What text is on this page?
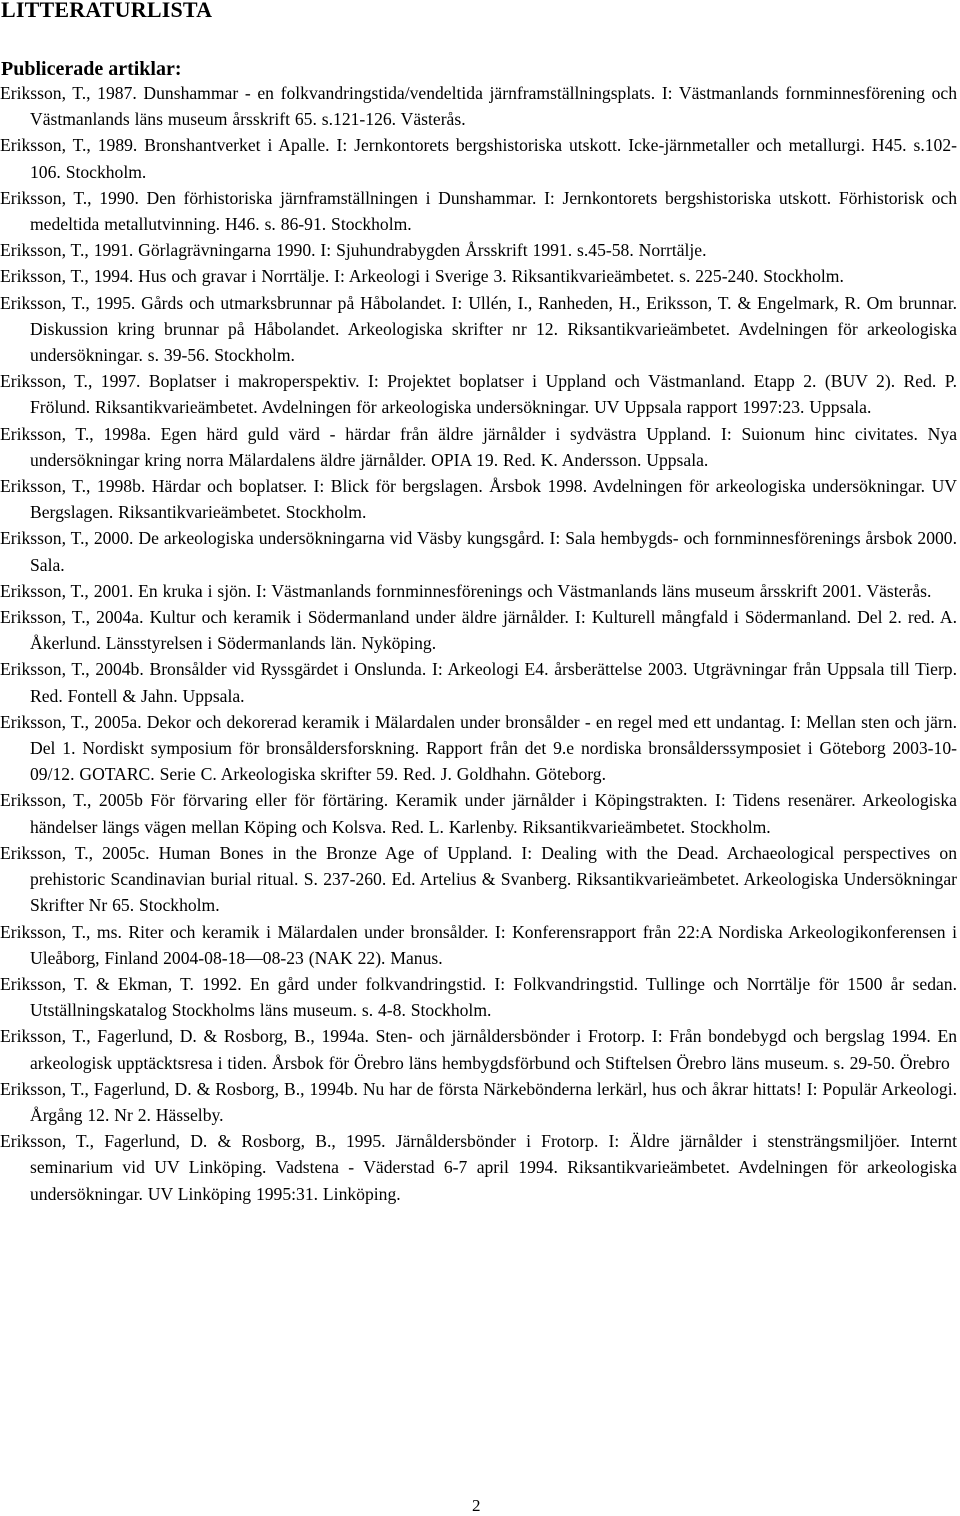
LITTERATURLISTA
Publicerade artiklar:
Eriksson, T., 1987. Dunshammar - en folkvandringstida/vendeltida järnframställningsplats. I: Västmanlands fornminnesförening och Västmanlands läns museum årsskrift 65. s.121-126. Västerås.
Eriksson, T., 1989. Bronshantverket i Apalle. I: Jernkontorets bergshistoriska utskott. Icke-järnmetaller och metallurgi. H45. s.102-106. Stockholm.
Eriksson, T., 1990. Den förhistoriska järnframställningen i Dunshammar. I: Jernkontorets bergshistoriska utskott. Förhistorisk och medeltida metallutvinning. H46. s. 86-91. Stockholm.
Eriksson, T., 1991. Görlagrävningarna 1990. I: Sjuhundrabygden Årsskrift 1991. s.45-58. Norrtälje.
Eriksson, T., 1994. Hus och gravar i Norrtälje. I: Arkeologi i Sverige 3. Riksantikvarieämbetet. s. 225-240. Stockholm.
Eriksson, T., 1995. Gårds och utmarksbrunnar på Håbolandet. I: Ullén, I., Ranheden, H., Eriksson, T. & Engelmark, R. Om brunnar. Diskussion kring brunnar på Håbolandet. Arkeologiska skrifter nr 12. Riksantikvarieämbetet. Avdelningen för arkeologiska undersökningar. s. 39-56. Stockholm.
Eriksson, T., 1997. Boplatser i makroperspektiv. I: Projektet boplatser i Uppland och Västmanland. Etapp 2. (BUV 2). Red. P. Frölund. Riksantikvarieämbetet. Avdelningen för arkeologiska undersökningar. UV Uppsala rapport 1997:23. Uppsala.
Eriksson, T., 1998a. Egen härd guld värd - härdar från äldre järnålder i sydvästra Uppland. I: Suionum hinc civitates. Nya undersökningar kring norra Mälardalens äldre järnålder. OPIA 19. Red. K. Andersson. Uppsala.
Eriksson, T., 1998b. Härdar och boplatser. I: Blick för bergslagen. Årsbok 1998. Avdelningen för arkeologiska undersökningar. UV Bergslagen. Riksantikvarieämbetet. Stockholm.
Eriksson, T., 2000. De arkeologiska undersökningarna vid Väsby kungsgård. I: Sala hembygds- och fornminnesförenings årsbok 2000. Sala.
Eriksson, T., 2001. En kruka i sjön. I: Västmanlands fornminnesförenings och Västmanlands läns museum årsskrift 2001. Västerås.
Eriksson, T., 2004a. Kultur och keramik i Södermanland under äldre järnålder. I: Kulturell mångfald i Södermanland. Del 2. red. A. Åkerlund. Länsstyrelsen i Södermanlands län. Nyköping.
Eriksson, T., 2004b. Bronsålder vid Ryssgärdet i Onslunda. I: Arkeologi E4. årsberättelse 2003. Utgrävningar från Uppsala till Tierp. Red. Fontell & Jahn. Uppsala.
Eriksson, T., 2005a. Dekor och dekorerad keramik i Mälardalen under bronsålder - en regel med ett undantag. I: Mellan sten och järn. Del 1. Nordiskt symposium för bronsåldersforskning. Rapport från det 9.e nordiska bronsålderssymposiet i Göteborg 2003-10-09/12. GOTARC. Serie C. Arkeologiska skrifter 59. Red. J. Goldhahn. Göteborg.
Eriksson, T., 2005b För förvaring eller för förtäring. Keramik under järnålder i Köpingstrakten. I: Tidens resenärer. Arkeologiska händelser längs vägen mellan Köping och Kolsva. Red. L. Karlenby. Riksantikvarieämbetet. Stockholm.
Eriksson, T., 2005c. Human Bones in the Bronze Age of Uppland. I: Dealing with the Dead. Archaeological perspectives on prehistoric Scandinavian burial ritual. S. 237-260. Ed. Artelius & Svanberg. Riksantikvarieämbetet. Arkeologiska Undersökningar Skrifter Nr 65. Stockholm.
Eriksson, T., ms. Riter och keramik i Mälardalen under bronsålder. I: Konferensrapport från 22:A Nordiska Arkeologikonferensen i Uleåborg, Finland 2004-08-18—08-23 (NAK 22). Manus.
Eriksson, T. & Ekman, T. 1992. En gård under folkvandringstid. I: Folkvandringstid. Tullinge och Norrtälje för 1500 år sedan. Utställningskatalog Stockholms läns museum. s. 4-8. Stockholm.
Eriksson, T., Fagerlund, D. & Rosborg, B., 1994a. Sten- och järnåldersbönder i Frotorp. I: Från bondebygd och bergslag 1994. En arkeologisk upptäcktsresa i tiden. Årsbok för Örebro läns hembygdsförbund och Stiftelsen Örebro läns museum. s. 29-50. Örebro
Eriksson, T., Fagerlund, D. & Rosborg, B., 1994b. Nu har de första Närkebönderna lerkärl, hus och åkrar hittats! I: Populär Arkeologi. Årgång 12. Nr 2. Hässelby.
Eriksson, T., Fagerlund, D. & Rosborg, B., 1995. Järnåldersbönder i Frotorp. I: Äldre järnålder i stensträngsmiljöer. Internt seminarium vid UV Linköping. Vadstena - Väderstad 6-7 april 1994. Riksantikvarieämbetet. Avdelningen för arkeologiska undersökningar. UV Linköping 1995:31. Linköping.
2
